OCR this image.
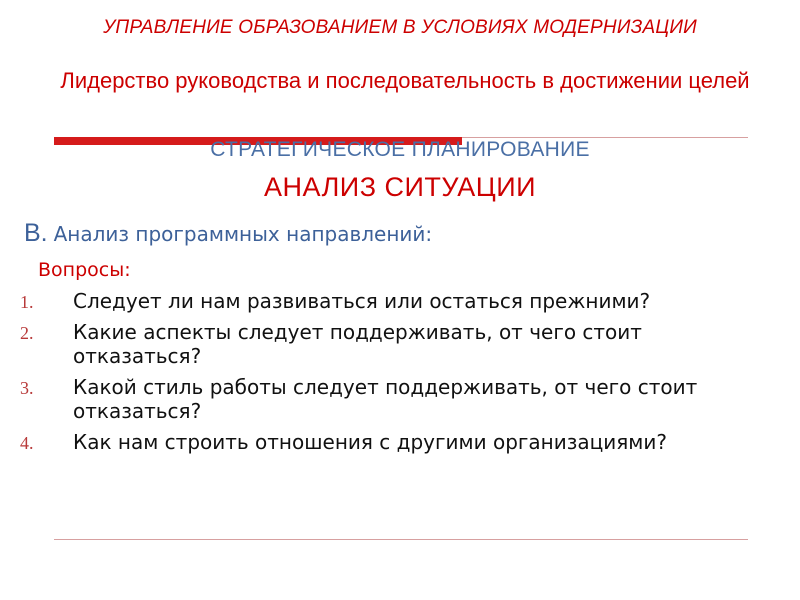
УПРАВЛЕНИЕ ОБРАЗОВАНИЕМ В УСЛОВИЯХ МОДЕРНИЗАЦИИ
Лидерство руководства и последовательность в достижении целей
СТРАТЕГИЧЕСКОЕ ПЛАНИРОВАНИЕ
АНАЛИЗ СИТУАЦИИ
В. Анализ программных направлений:
Вопросы:
1.	Следует ли нам развиваться или остаться прежними?
2.	Какие аспекты следует поддерживать, от чего стоит отказаться?
3.	Какой стиль работы следует поддерживать, от чего стоит отказаться?
4.	Как нам строить отношения с другими организациями?
